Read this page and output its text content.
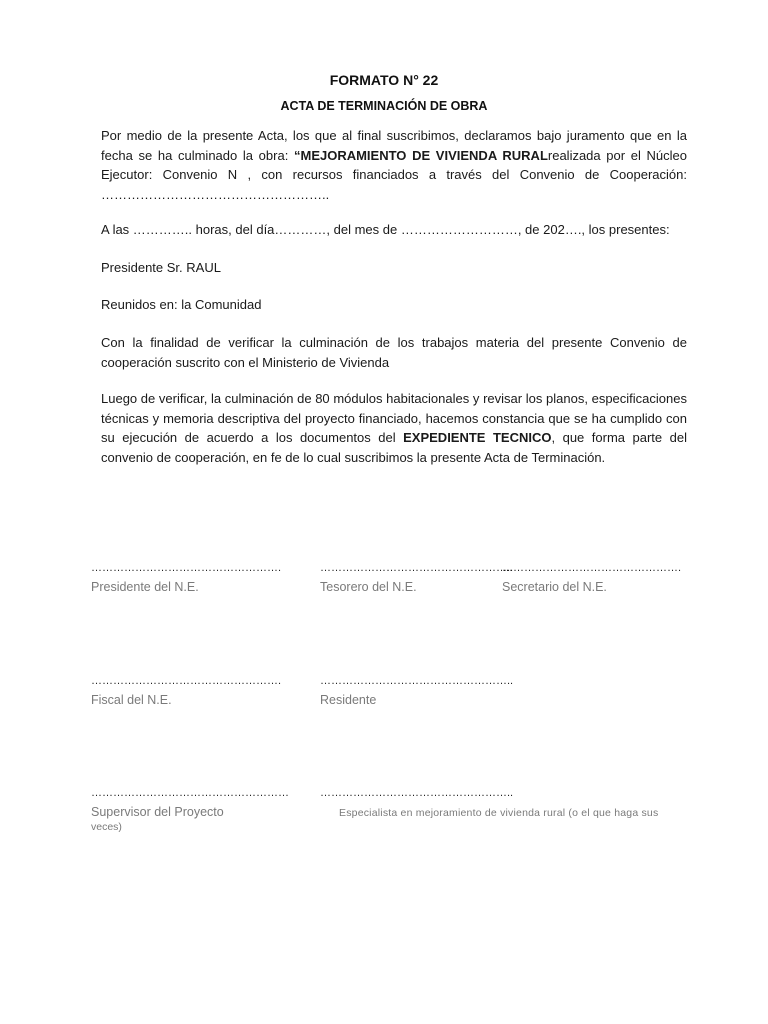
FORMATO N° 22
ACTA DE TERMINACIÓN DE OBRA

Por medio de la presente Acta, los que al final suscribimos, declaramos bajo juramento que en la fecha se ha culminado la obra: “MEJORAMIENTO DE VIVIENDA RURALrealizada por el Núcleo Ejecutor: Convenio N , con recursos financiados a través del Convenio de Cooperación: ……………………………………………..

A las ………….. horas, del día…………, del mes de ………………………, de 202…., los presentes:

Presidente Sr. RAUL

Reunidos en: la Comunidad

Con la finalidad de verificar la culminación de los trabajos materia del presente Convenio de cooperación suscrito con el Ministerio de Vivienda

Luego de verificar, la culminación de 80 módulos habitacionales y revisar los planos, especificaciones técnicas y memoria descriptiva del proyecto financiado, hacemos constancia que se ha cumplido con su ejecución de acuerdo a los documentos del EXPEDIENTE TECNICO, que forma parte del convenio de cooperación, en fe de lo cual suscribimos la presente Acta de Terminación.

…………………………………………….
Presidente del N.E.
……………………………………………..
Tesorero del N.E.
………………………………………….
Secretario del N.E.
…………………………………………….
Fiscal del N.E.
……………………………………………..
Residente
………………………………………………
Supervisor del Proyecto
veces)
……………………………………………..
Especialista en mejoramiento de vivienda rural (o el que haga sus
